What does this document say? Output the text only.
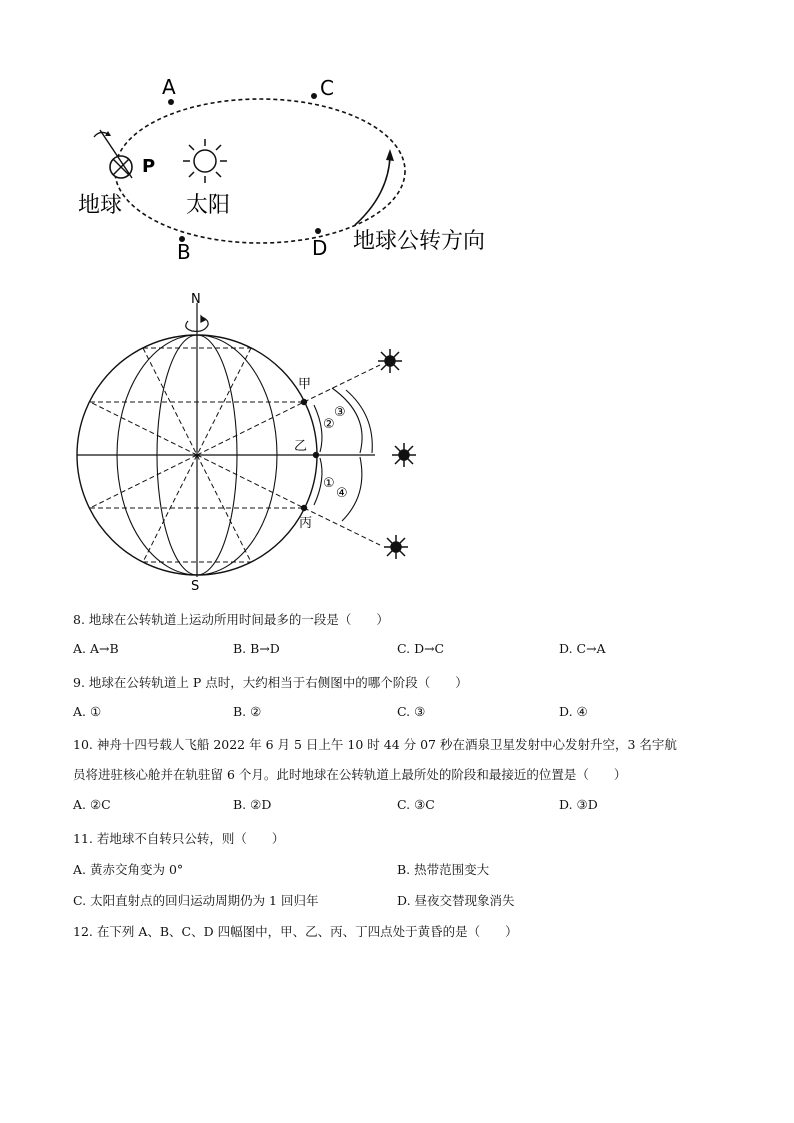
A	C
B	D
P
地球	太阳
地球公转方向
N
S
甲
乙
丙
②
①
③
④
8. 地球在公转轨道上运动所用时间最多的一段是（　　）
A. A→B	B. B→D	C. D→C	D. C→A
9. 地球在公转轨道上 P 点时，大约相当于右侧图中的哪个阶段（　　）
A. ①	B. ②	C. ③	D. ④
10. 神舟十四号载人飞船 2022 年 6 月 5 日上午 10 时 44 分 07 秒在酒泉卫星发射中心发射升空，3 名宇航
员将进驻核心舱并在轨驻留 6 个月。此时地球在公转轨道上最所处的阶段和最接近的位置是（　　）
A. ②C	B. ②D	C. ③C	D. ③D
11. 若地球不自转只公转，则（　　）
A. 黄赤交角变为 0°	B. 热带范围变大
C. 太阳直射点的回归运动周期仍为 1 回归年	D. 昼夜交替现象消失
12. 在下列 A、B、C、D 四幅图中，甲、乙、丙、丁四点处于黄昏的是（　　）
